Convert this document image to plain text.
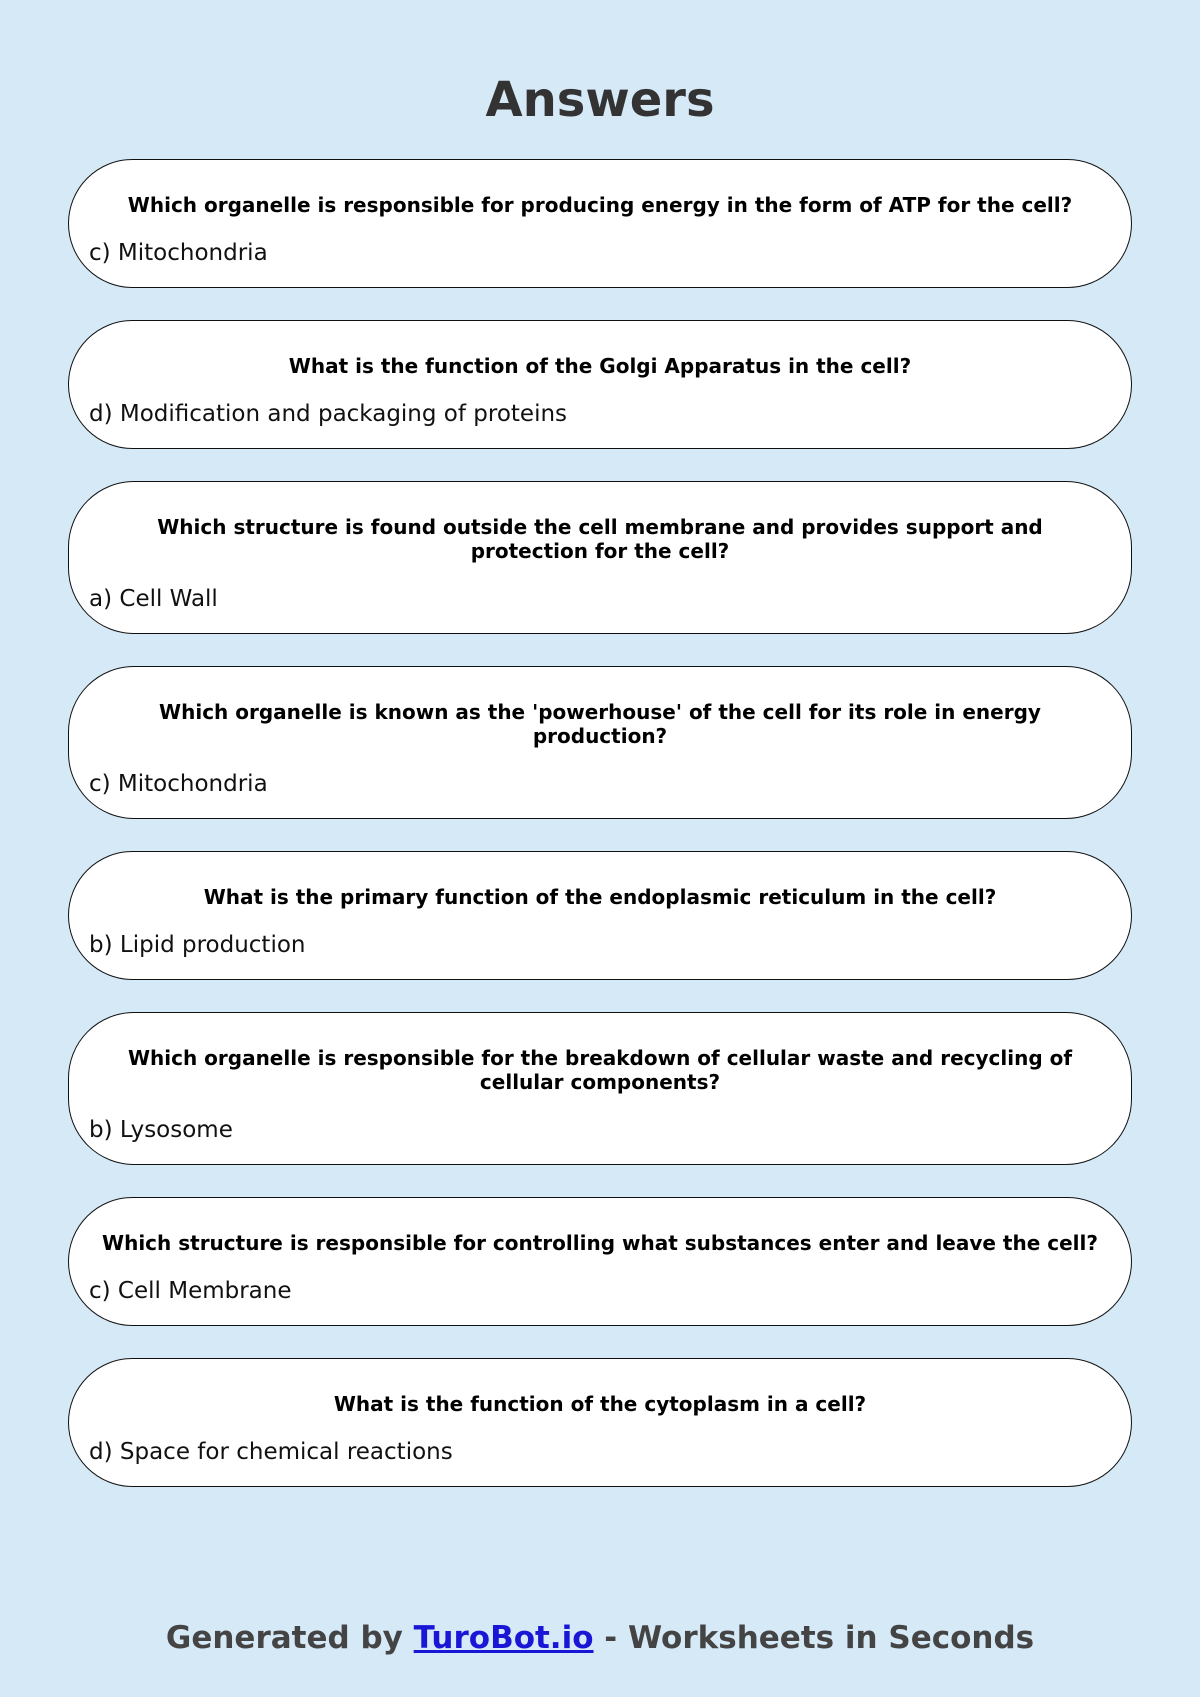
Answers
Which organelle is responsible for producing energy in the form of ATP for the cell?
c) Mitochondria
What is the function of the Golgi Apparatus in the cell?
d) Modification and packaging of proteins
Which structure is found outside the cell membrane and provides support and protection for the cell?
a) Cell Wall
Which organelle is known as the 'powerhouse' of the cell for its role in energy production?
c) Mitochondria
What is the primary function of the endoplasmic reticulum in the cell?
b) Lipid production
Which organelle is responsible for the breakdown of cellular waste and recycling of cellular components?
b) Lysosome
Which structure is responsible for controlling what substances enter and leave the cell?
c) Cell Membrane
What is the function of the cytoplasm in a cell?
d) Space for chemical reactions
Generated by TuroBot.io - Worksheets in Seconds
